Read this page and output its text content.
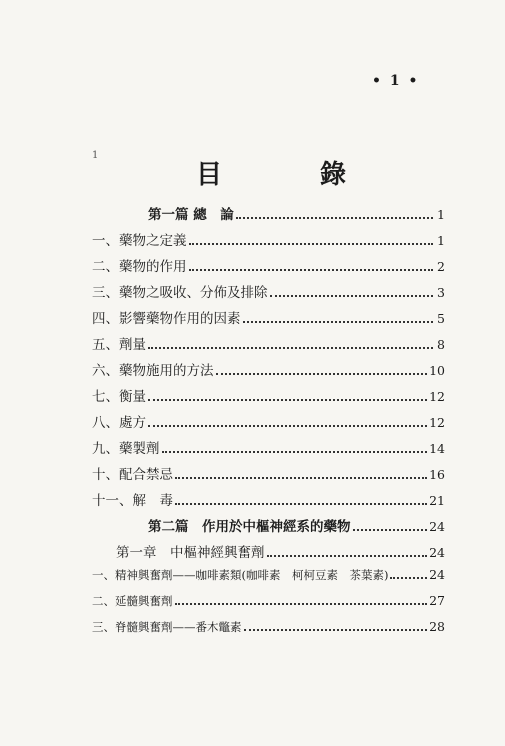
• 1 •
1
目	錄
第一篇 總　論	1
一、藥物之定義	1
二、藥物的作用	2
三、藥物之吸收、分佈及排除	3
四、影響藥物作用的因素	5
五、劑量	8
六、藥物施用的方法	10
七、衡量	12
八、處方	12
九、藥製劑	14
十、配合禁忌	16
十一、解　毒	21
第二篇　作用於中樞神經系的藥物	24
第一章　中樞神經興奮劑	24
一、精神興奮劑——咖啡素類(咖啡素　柯柯豆素　茶葉素)	24
二、延髓興奮劑	27
三、脊髓興奮劑——番木鼈素	28
